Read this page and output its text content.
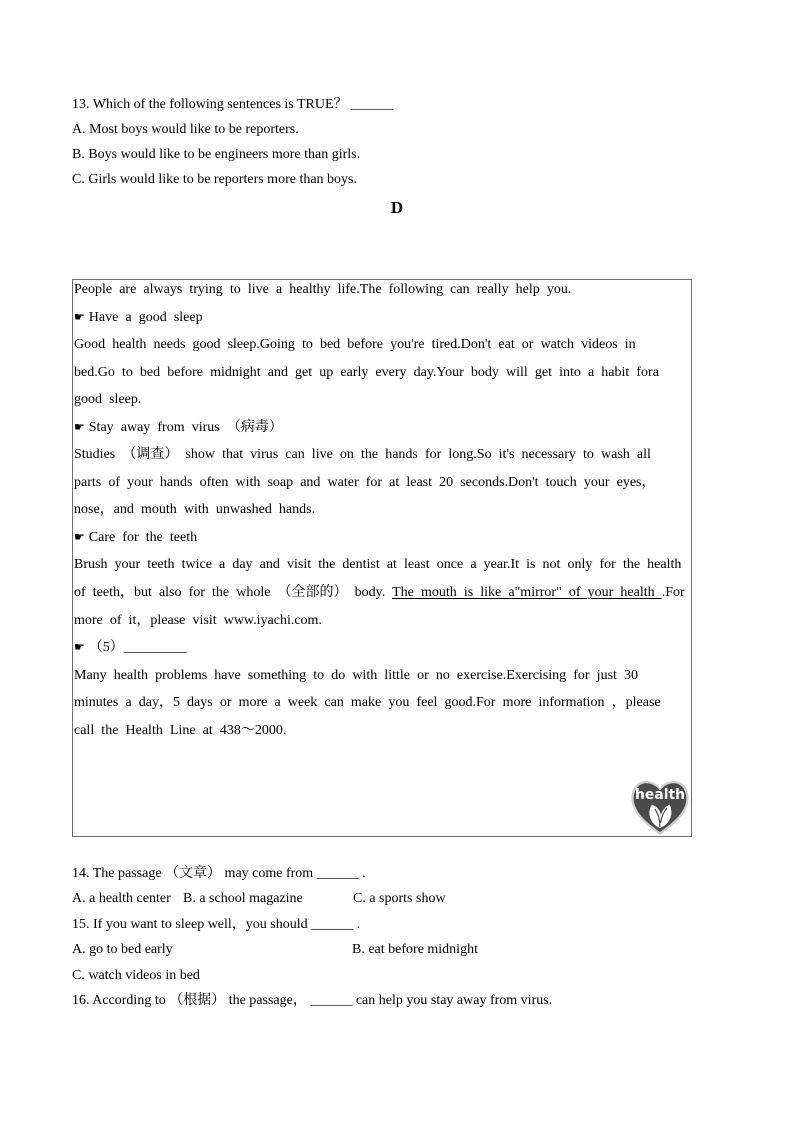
13. Which of the following sentences is TRUE？ ______
A. Most boys would like to be reporters.
B. Boys would like to be engineers more than girls.
C. Girls would like to be reporters more than boys.
D
People are always trying to live a healthy life.The following can really help you.
☛ Have a good sleep
Good health needs good sleep.Going to bed before you're tired.Don't eat or watch videos in
bed.Go to bed before midnight and get up early every day.Your body will get into a habit fora
good sleep.
☛ Stay away from virus （病毒）
Studies （调查） show that virus can live on the hands for long.So it's necessary to wash all
parts of your hands often with soap and water for at least 20 seconds.Don't touch your eyes，
nose，and mouth with unwashed hands.
☛ Care for the teeth
Brush your teeth twice a day and visit the dentist at least once a year.It is not only for the health
of teeth，but also for the whole （全部的） body. The mouth is like a"mirror" of your health .For
more of it，please visit www.iyachi.com.
☛ （5）_________
Many health problems have something to do with little or no exercise.Exercising for just 30
minutes a day，5 days or more a week can make you feel good.For more information ，please
call the Health Line at 438～2000.
health
14. The passage （文章） may come from ______ .

A. a health center

B. a school magazine

	C. a sports show

15. If you want to sleep well，you should ______ .

A. go to bed early

	B. eat before midnight

C. watch videos in bed
16. According to （根据） the passage， ______ can help you stay away from virus.
